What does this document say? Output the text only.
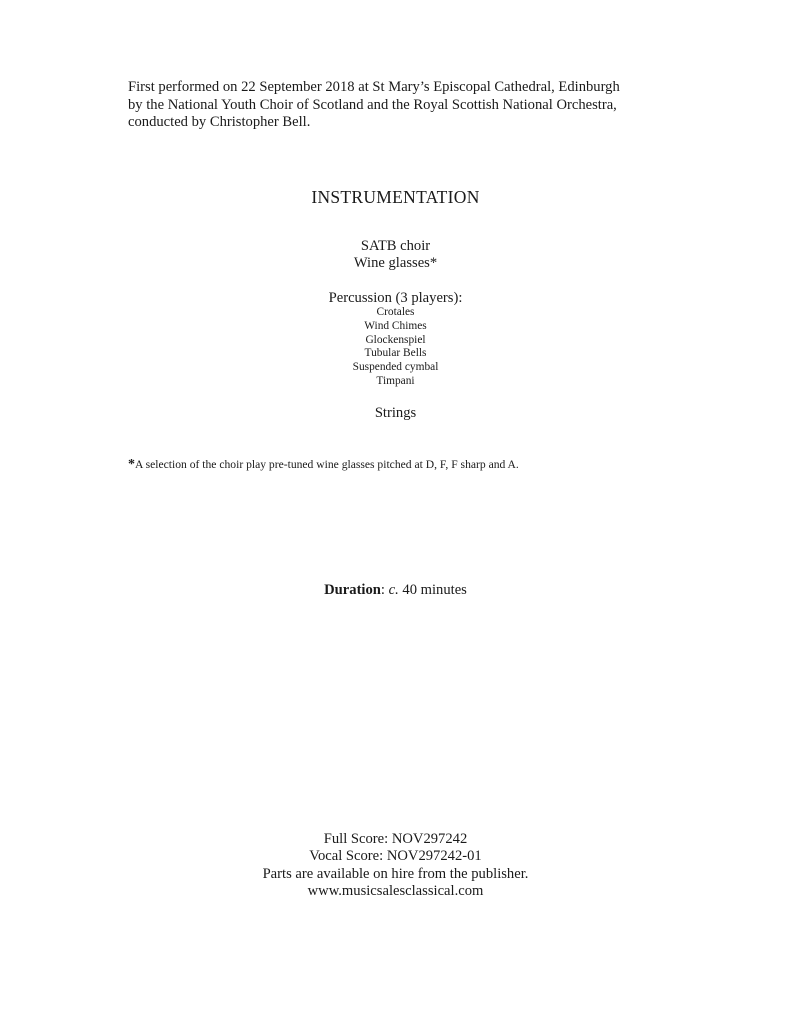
First performed on 22 September 2018 at St Mary’s Episcopal Cathedral, Edinburgh
by the National Youth Choir of Scotland and the Royal Scottish National Orchestra,
conducted by Christopher Bell.
INSTRUMENTATION
SATB choir
Wine glasses*
Percussion (3 players):
Crotales
Wind Chimes
Glockenspiel
Tubular Bells
Suspended cymbal
Timpani
Strings
*A selection of the choir play pre-tuned wine glasses pitched at D, F, F sharp and A.
Duration: c. 40 minutes
Full Score: NOV297242
Vocal Score: NOV297242-01
Parts are available on hire from the publisher.
www.musicsalesclassical.com
